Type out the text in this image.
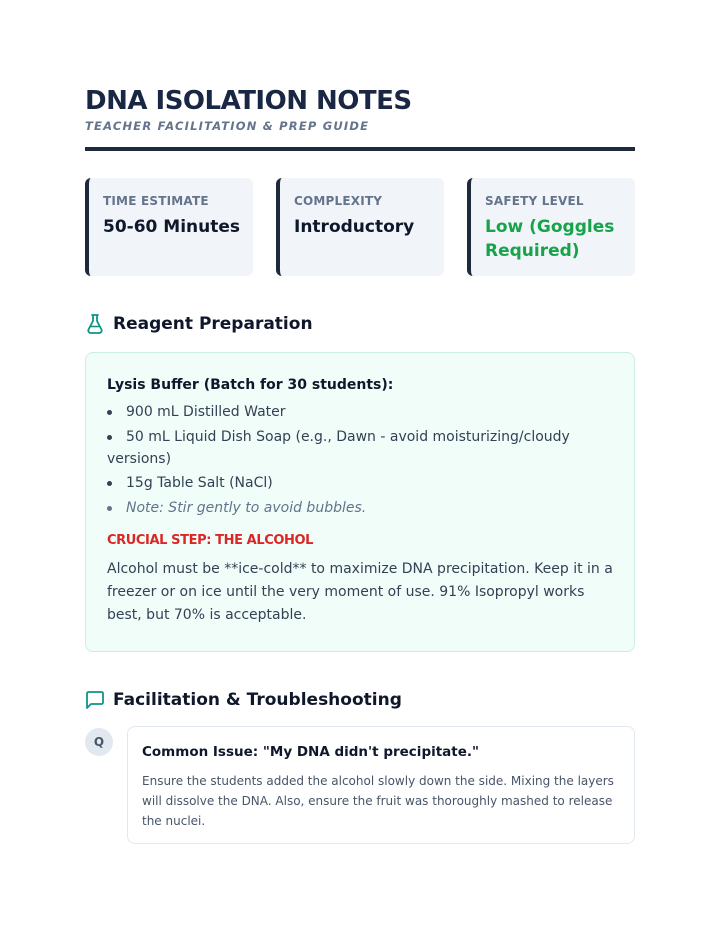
DNA ISOLATION NOTES
TEACHER FACILITATION & PREP GUIDE
TIME ESTIMATE
50-60 Minutes
COMPLEXITY
Introductory
SAFETY LEVEL
Low (Goggles Required)
Reagent Preparation
Lysis Buffer (Batch for 30 students):
900 mL Distilled Water
50 mL Liquid Dish Soap (e.g., Dawn - avoid moisturizing/cloudy versions)
15g Table Salt (NaCl)
Note: Stir gently to avoid bubbles.
CRUCIAL STEP: THE ALCOHOL
Alcohol must be **ice-cold** to maximize DNA precipitation. Keep it in a freezer or on ice until the very moment of use. 91% Isopropyl works best, but 70% is acceptable.
Facilitation & Troubleshooting
Q
Common Issue: "My DNA didn't precipitate."
Ensure the students added the alcohol slowly down the side. Mixing the layers will dissolve the DNA. Also, ensure the fruit was thoroughly mashed to release the nuclei.
